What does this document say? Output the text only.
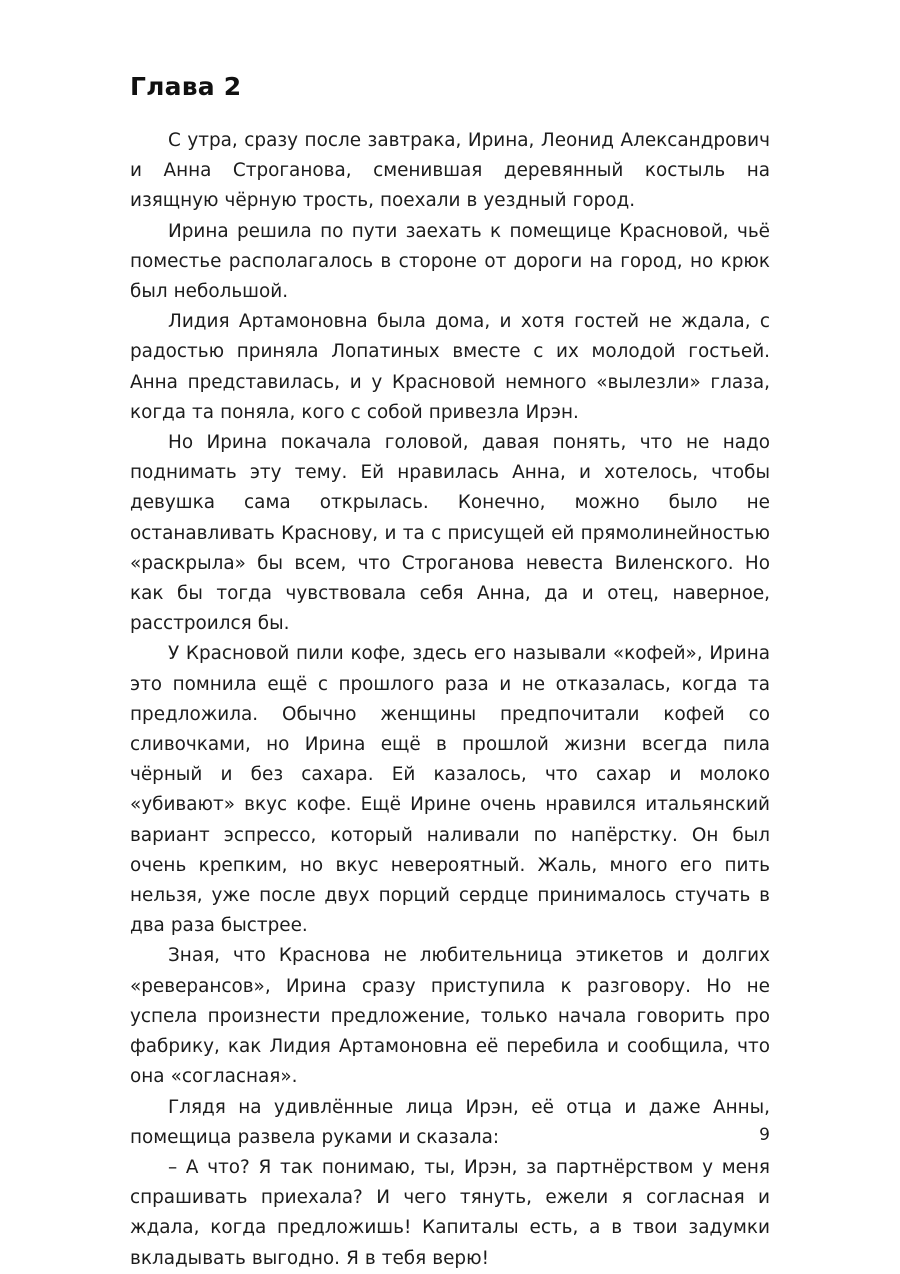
Глава 2

С утра, сразу после завтрака, Ирина, Леонид Александрович и Анна Строганова, сменившая деревянный костыль на изящную чёрную трость, поехали в уездный город.

Ирина решила по пути заехать к помещице Красновой, чьё поместье располагалось в стороне от дороги на город, но крюк был небольшой.

Лидия Артамоновна была дома, и хотя гостей не ждала, с радостью приняла Лопатиных вместе с их молодой гостьей. Анна представилась, и у Красновой немного «вылезли» глаза, когда та поняла, кого с собой привезла Ирэн.

Но Ирина покачала головой, давая понять, что не надо поднимать эту тему. Ей нравилась Анна, и хотелось, чтобы девушка сама открылась. Конечно, можно было не останавливать Краснову, и та с присущей ей прямолинейностью «раскрыла» бы всем, что Строганова невеста Виленского. Но как бы тогда чувствовала себя Анна, да и отец, наверное, расстроился бы.

У Красновой пили кофе, здесь его называли «кофей», Ирина это помнила ещё с прошлого раза и не отказалась, когда та предложила. Обычно женщины предпочитали кофей со сливочками, но Ирина ещё в прошлой жизни всегда пила чёрный и без сахара. Ей казалось, что сахар и молоко «убивают» вкус кофе. Ещё Ирине очень нравился итальянский вариант эспрессо, который наливали по напёрстку. Он был очень крепким, но вкус невероятный. Жаль, много его пить нельзя, уже после двух порций сердце принималось стучать в два раза быстрее.

Зная, что Краснова не любительница этикетов и долгих «реверансов», Ирина сразу приступила к разговору. Но не успела произнести предложение, только начала говорить про фабрику, как Лидия Артамоновна её перебила и сообщила, что она «согласная».

Глядя на удивлённые лица Ирэн, её отца и даже Анны, помещица развела руками и сказала:

– А что? Я так понимаю, ты, Ирэн, за партнёрством у меня спрашивать приехала? И чего тянуть, ежели я согласная и ждала, когда предложишь! Капиталы есть, а в твои задумки вкладывать выгодно. Я в тебя верю!

9
